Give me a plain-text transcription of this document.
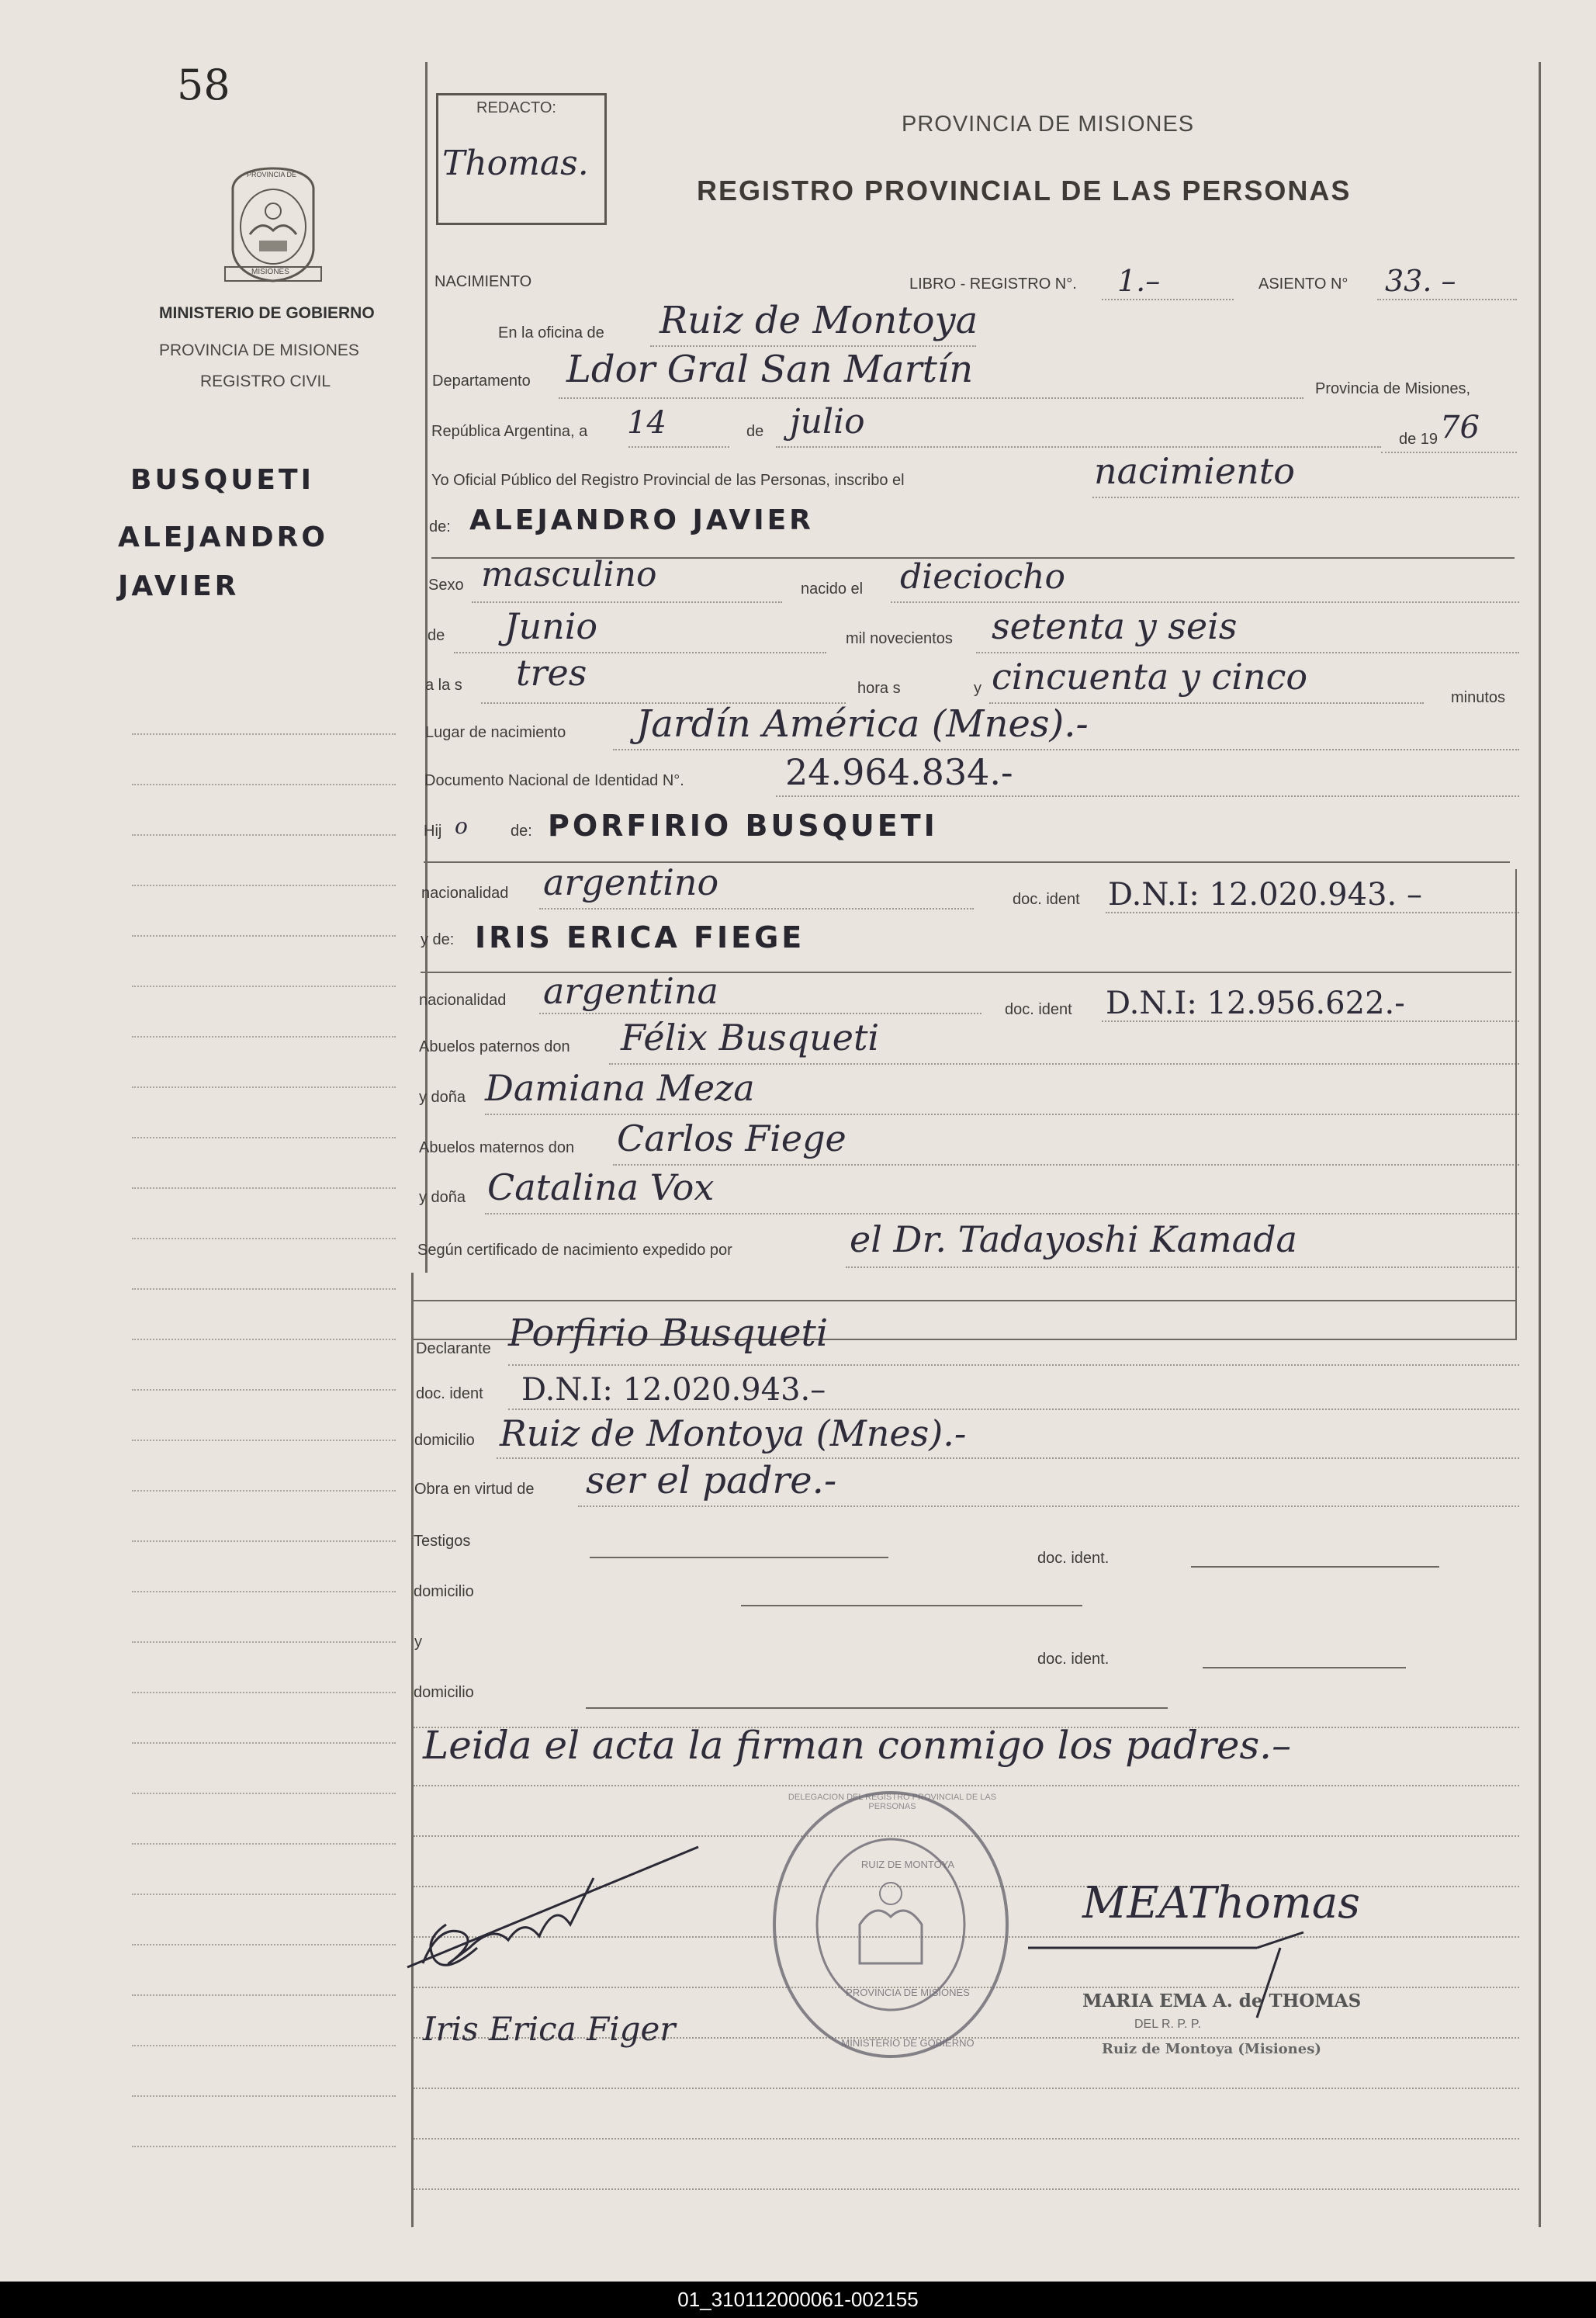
58
PROVINCIA DE
MISIONES
MINISTERIO DE GOBIERNO
PROVINCIA DE MISIONES
REGISTRO CIVIL
BUSQUETI
ALEJANDRO
JAVIER
REDACTO:
Thomas.
PROVINCIA DE MISIONES
REGISTRO PROVINCIAL DE LAS PERSONAS
NACIMIENTO	LIBRO - REGISTRO N°. 1.–	ASIENTO N° 33. –
En la oficina de Ruiz de Montoya
Departamento Ldor Gral San Martín	Provincia de Misiones,
República Argentina, a 14	de julio	de 19 76
Yo Oficial Público del Registro Provincial de las Personas, inscribo el	nacimiento
de: ALEJANDRO JAVIER
Sexo masculino	nacido el dieciocho
de Junio	mil novecientos setenta y seis
a la s tres	hora s	y cincuenta y cinco	minutos
Lugar de nacimiento Jardín América (Mnes).-
Documento Nacional de Identidad N°.	24.964.834.-
Hij o	de: PORFIRIO BUSQUETI
nacionalidad argentino	doc. ident D.N.I: 12.020.943. –
y de: IRIS ERICA FIEGE
nacionalidad argentina	doc. ident D.N.I: 12.956.622.-
Abuelos paternos don Félix Busqueti
y doña Damiana Meza
Abuelos maternos don Carlos Fiege
y doña Catalina Vox
Según certificado de nacimiento expedido por	el Dr. Tadayoshi Kamada
Declarante Porfirio Busqueti
doc. ident D.N.I: 12.020.943.–
domicilio Ruiz de Montoya (Mnes).-
Obra en virtud de ser el padre.-
Testigos
doc. ident.
domicilio
y
doc. ident.
domicilio
Leida el acta la firman conmigo los padres.–
Iris Erica Figer
DELEGACION DEL REGISTRO PROVINCIAL DE LAS PERSONAS
RUIZ DE MONTOYA
PROVINCIA DE MISIONES
MINISTERIO DE GOBIERNO
MEAThomas
MARIA EMA A. de THOMAS
DEL R. P. P.
Ruiz de Montoya (Misiones)
01_310112000061-002155
